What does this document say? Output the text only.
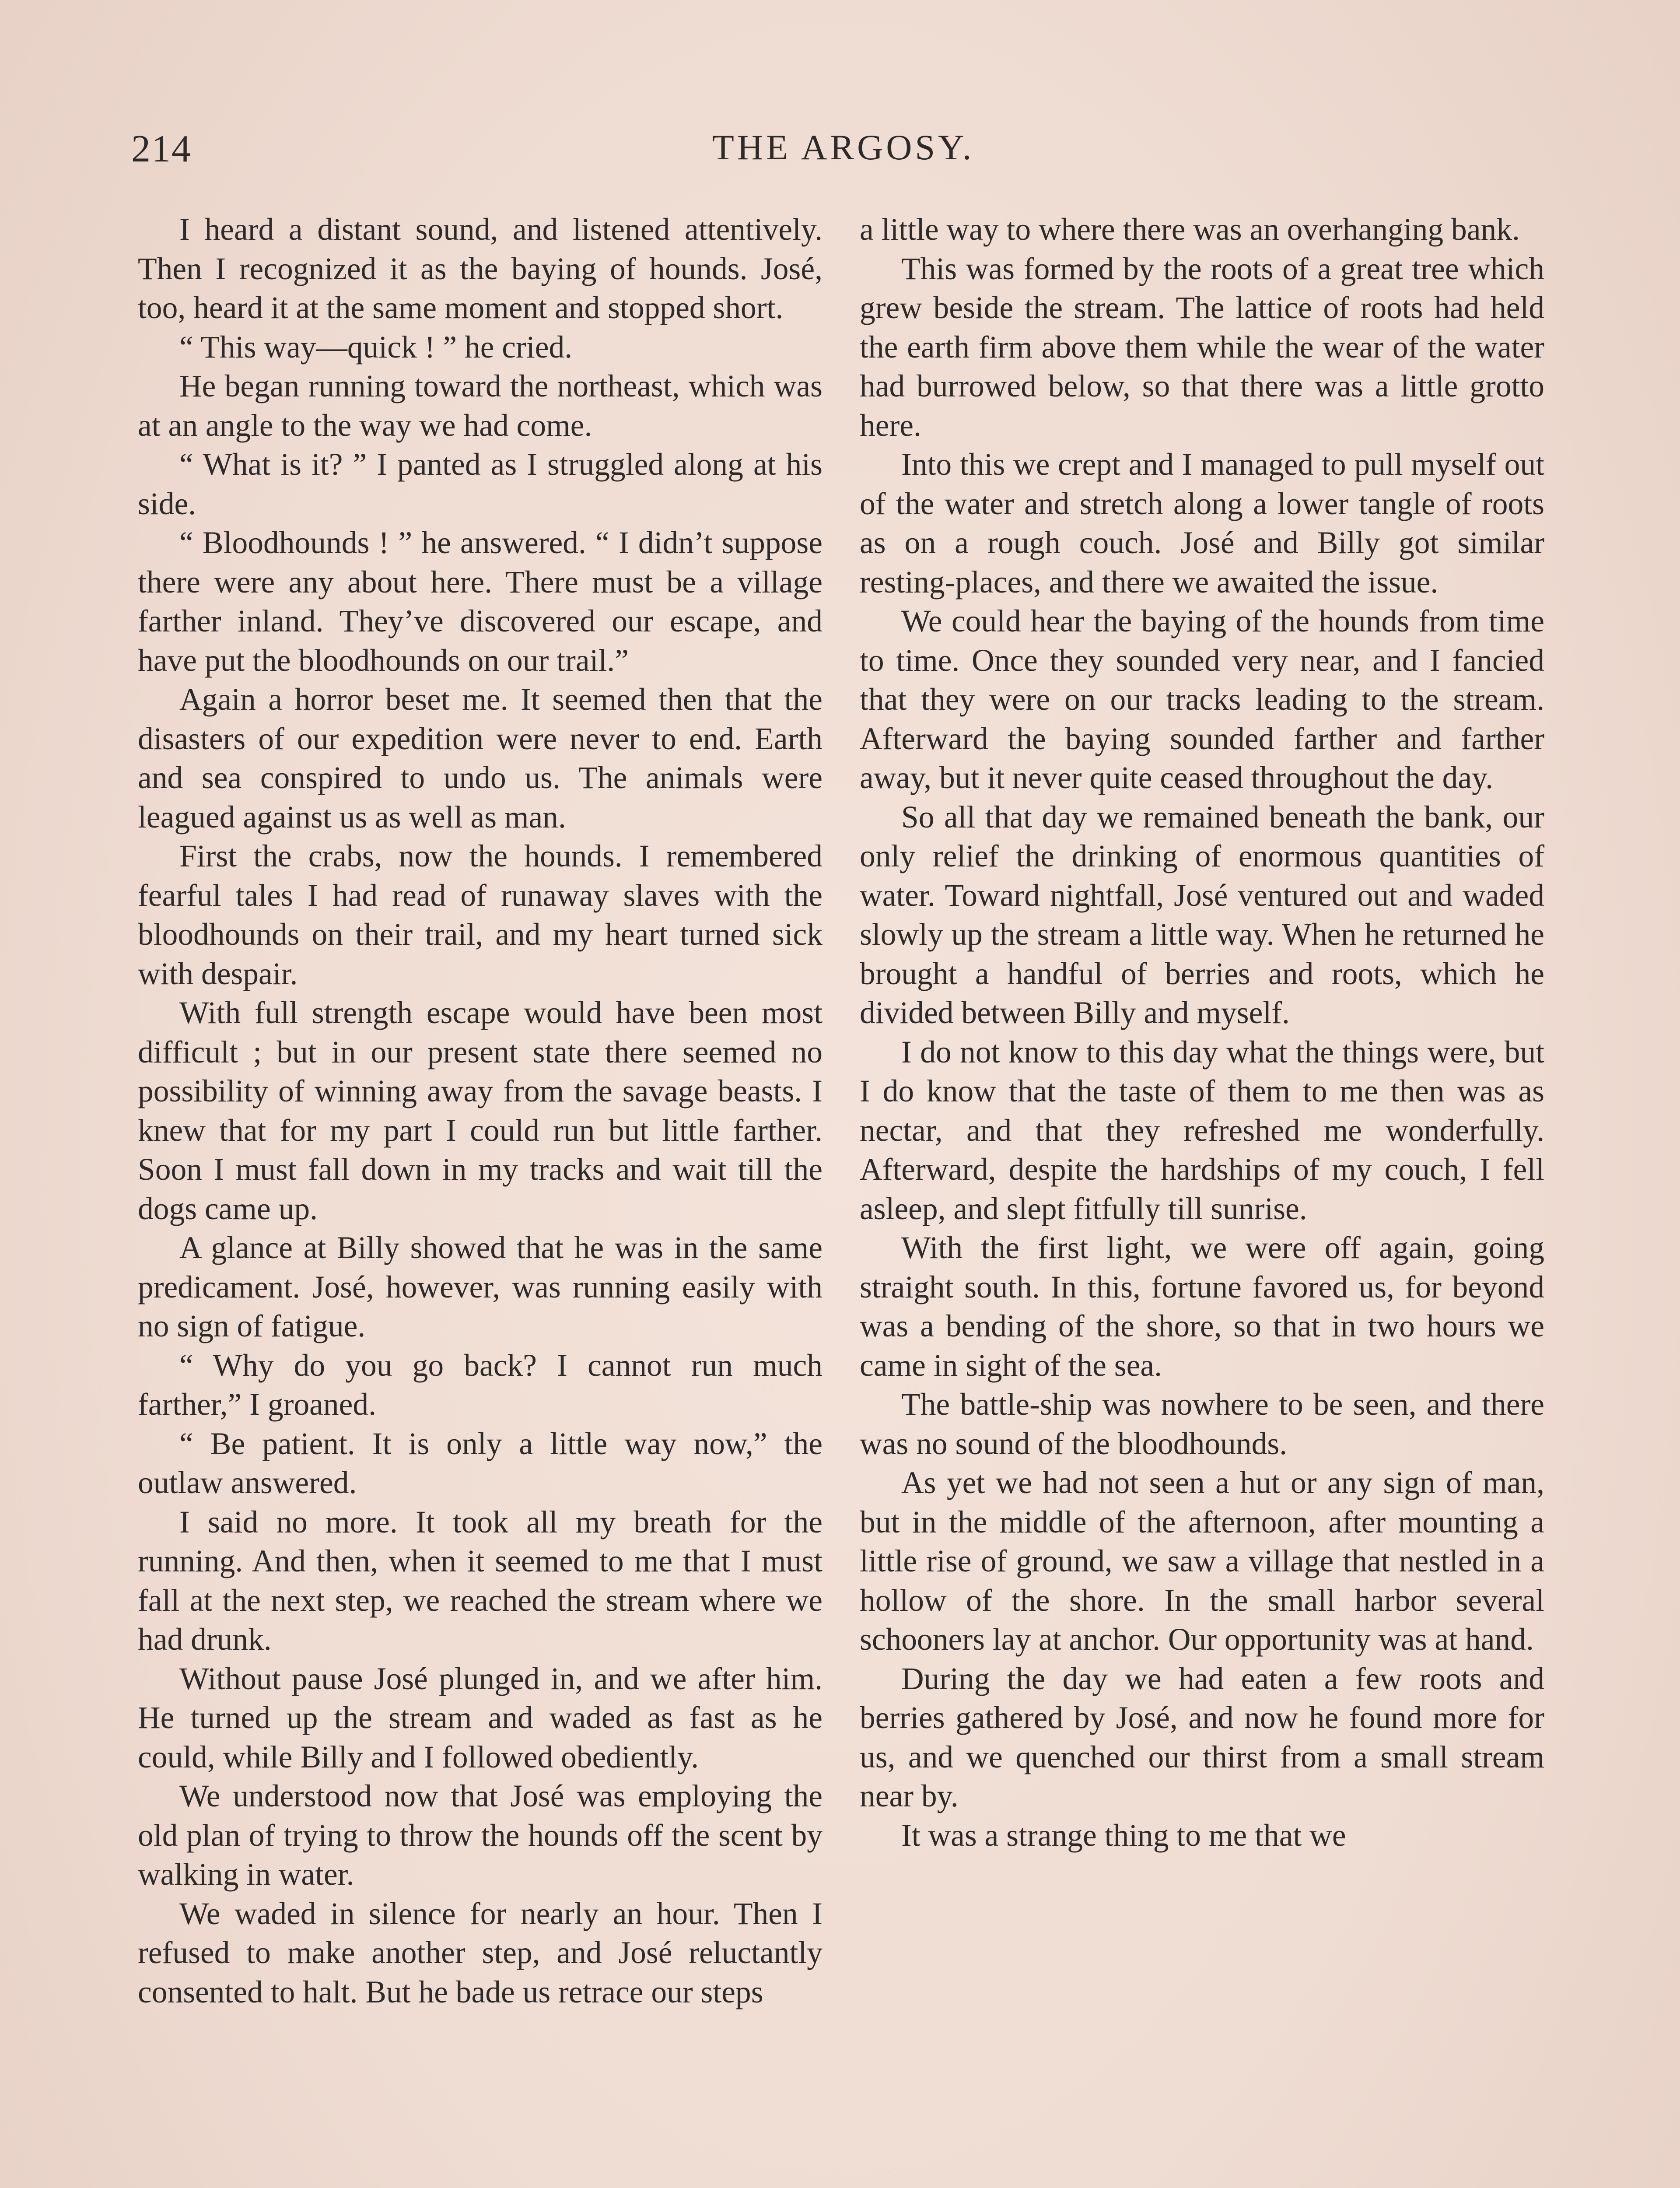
214	THE ARGOSY.

I heard a distant sound, and listened attentively. Then I recognized it as the baying of hounds. José, too, heard it at the same moment and stopped short.

“ This way—quick ! ” he cried.

He began running toward the northeast, which was at an angle to the way we had come.

“ What is it? ” I panted as I struggled along at his side.

“ Bloodhounds ! ” he answered. “ I didn’t suppose there were any about here. There must be a village farther inland. They’ve discovered our escape, and have put the bloodhounds on our trail.”

Again a horror beset me. It seemed then that the disasters of our expedition were never to end. Earth and sea conspired to undo us. The animals were leagued against us as well as man.

First the crabs, now the hounds. I remembered fearful tales I had read of runaway slaves with the bloodhounds on their trail, and my heart turned sick with despair.

With full strength escape would have been most difficult ; but in our present state there seemed no possibility of winning away from the savage beasts. I knew that for my part I could run but little farther. Soon I must fall down in my tracks and wait till the dogs came up.

A glance at Billy showed that he was in the same predicament. José, however, was running easily with no sign of fatigue.

“ Why do you go back? I cannot run much farther,” I groaned.

“ Be patient. It is only a little way now,” the outlaw answered.

I said no more. It took all my breath for the running. And then, when it seemed to me that I must fall at the next step, we reached the stream where we had drunk.

Without pause José plunged in, and we after him. He turned up the stream and waded as fast as he could, while Billy and I followed obediently.

We understood now that José was employing the old plan of trying to throw the hounds off the scent by walking in water.

We waded in silence for nearly an hour. Then I refused to make another step, and José reluctantly consented to halt. But he bade us retrace our steps

a little way to where there was an overhanging bank.

This was formed by the roots of a great tree which grew beside the stream. The lattice of roots had held the earth firm above them while the wear of the water had burrowed below, so that there was a little grotto here.

Into this we crept and I managed to pull myself out of the water and stretch along a lower tangle of roots as on a rough couch. José and Billy got similar resting-places, and there we awaited the issue.

We could hear the baying of the hounds from time to time. Once they sounded very near, and I fancied that they were on our tracks leading to the stream. Afterward the baying sounded farther and farther away, but it never quite ceased throughout the day.

So all that day we remained beneath the bank, our only relief the drinking of enormous quantities of water. Toward nightfall, José ventured out and waded slowly up the stream a little way. When he returned he brought a handful of berries and roots, which he divided between Billy and myself.

I do not know to this day what the things were, but I do know that the taste of them to me then was as nectar, and that they refreshed me wonderfully. Afterward, despite the hardships of my couch, I fell asleep, and slept fitfully till sunrise.

With the first light, we were off again, going straight south. In this, fortune favored us, for beyond was a bending of the shore, so that in two hours we came in sight of the sea.

The battle-ship was nowhere to be seen, and there was no sound of the bloodhounds.

As yet we had not seen a hut or any sign of man, but in the middle of the afternoon, after mounting a little rise of ground, we saw a village that nestled in a hollow of the shore. In the small harbor several schooners lay at anchor. Our opportunity was at hand.

During the day we had eaten a few roots and berries gathered by José, and now he found more for us, and we quenched our thirst from a small stream near by.

It was a strange thing to me that we
